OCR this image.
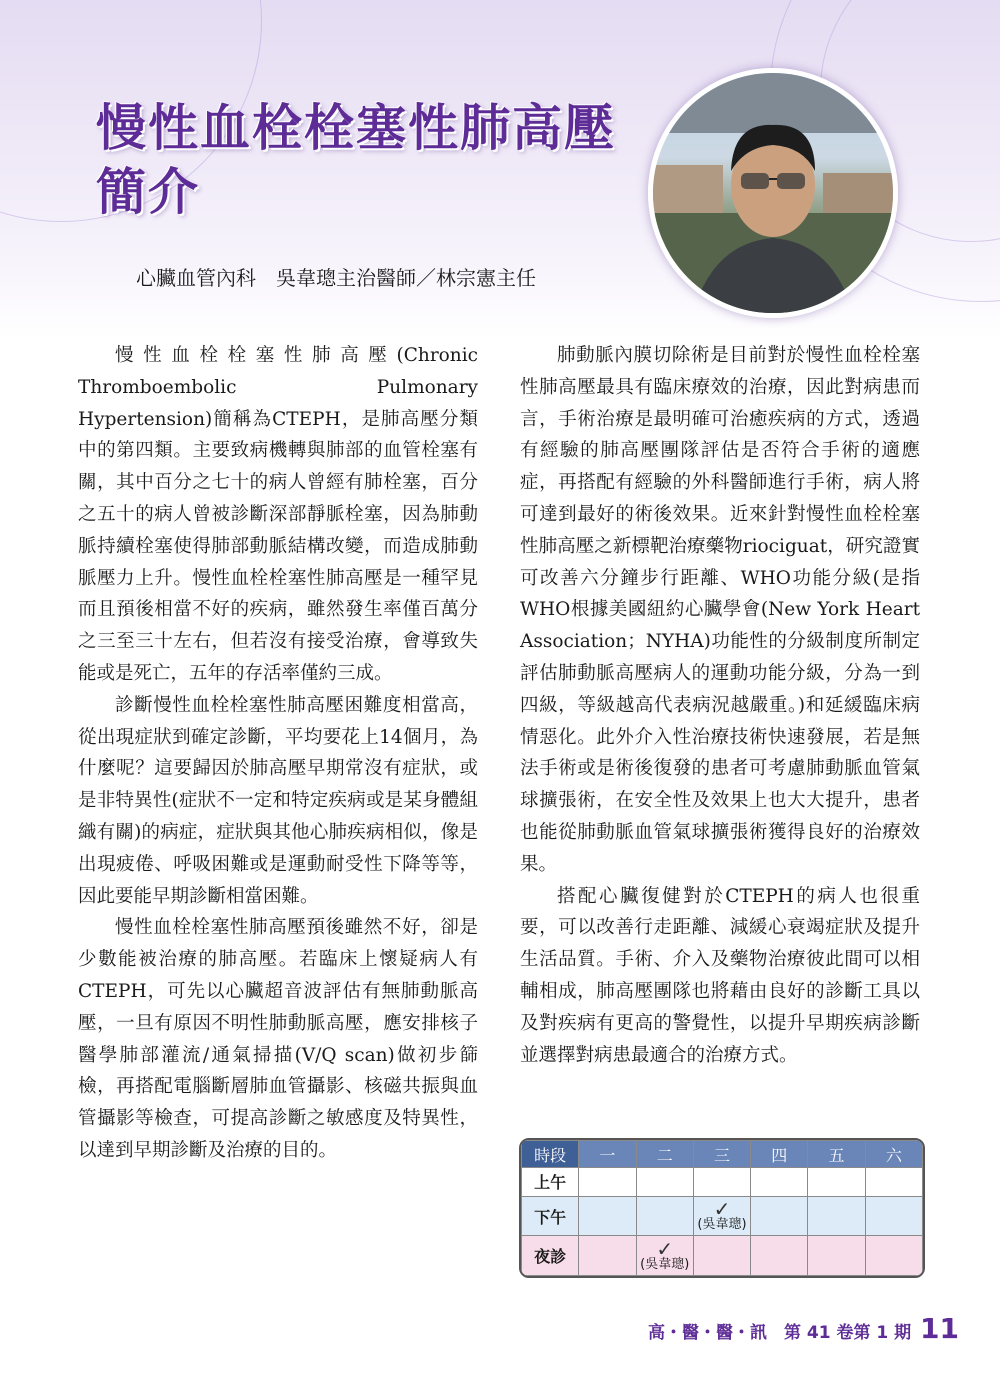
慢性血栓栓塞性肺高壓
簡介
心臟血管內科　吳韋璁主治醫師／林宗憲主任

慢性血栓栓塞性肺高壓(Chronic Thromboembolic Pulmonary Hypertension)簡稱為CTEPH，是肺高壓分類中的第四類。主要致病機轉與肺部的血管栓塞有關，其中百分之七十的病人曾經有肺栓塞，百分之五十的病人曾被診斷深部靜脈栓塞，因為肺動脈持續栓塞使得肺部動脈結構改變，而造成肺動脈壓力上升。慢性血栓栓塞性肺高壓是一種罕見而且預後相當不好的疾病，雖然發生率僅百萬分之三至三十左右，但若沒有接受治療，會導致失能或是死亡，五年的存活率僅約三成。

診斷慢性血栓栓塞性肺高壓困難度相當高，從出現症狀到確定診斷，平均要花上14個月，為什麼呢？這要歸因於肺高壓早期常沒有症狀，或是非特異性(症狀不一定和特定疾病或是某身體組織有關)的病症，症狀與其他心肺疾病相似，像是出現疲倦、呼吸困難或是運動耐受性下降等等，因此要能早期診斷相當困難。

慢性血栓栓塞性肺高壓預後雖然不好，卻是少數能被治療的肺高壓。若臨床上懷疑病人有CTEPH，可先以心臟超音波評估有無肺動脈高壓，一旦有原因不明性肺動脈高壓，應安排核子醫學肺部灌流/通氣掃描(V/Q scan)做初步篩檢，再搭配電腦斷層肺血管攝影、核磁共振與血管攝影等檢查，可提高診斷之敏感度及特異性，以達到早期診斷及治療的目的。

肺動脈內膜切除術是目前對於慢性血栓栓塞性肺高壓最具有臨床療效的治療，因此對病患而言，手術治療是最明確可治癒疾病的方式，透過有經驗的肺高壓團隊評估是否符合手術的適應症，再搭配有經驗的外科醫師進行手術，病人將可達到最好的術後效果。近來針對慢性血栓栓塞性肺高壓之新標靶治療藥物riociguat，研究證實可改善六分鐘步行距離、WHO功能分級(是指WHO根據美國紐約心臟學會(New York Heart Association；NYHA)功能性的分級制度所制定評估肺動脈高壓病人的運動功能分級，分為一到四級，等級越高代表病況越嚴重。)和延緩臨床病情惡化。此外介入性治療技術快速發展，若是無法手術或是術後復發的患者可考慮肺動脈血管氣球擴張術，在安全性及效果上也大大提升，患者也能從肺動脈血管氣球擴張術獲得良好的治療效果。

搭配心臟復健對於CTEPH的病人也很重要，可以改善行走距離、減緩心衰竭症狀及提升生活品質。手術、介入及藥物治療彼此間可以相輔相成，肺高壓團隊也將藉由良好的診斷工具以及對疾病有更高的警覺性，以提升早期疾病診斷並選擇對病患最適合的治療方式。

時段	一	二	三	四	五	六
上午						
下午			✓
(吳韋璁)			

夜診		✓
(吳韋璁)				

高・醫・醫・訊　第 41 卷第 1 期 11
